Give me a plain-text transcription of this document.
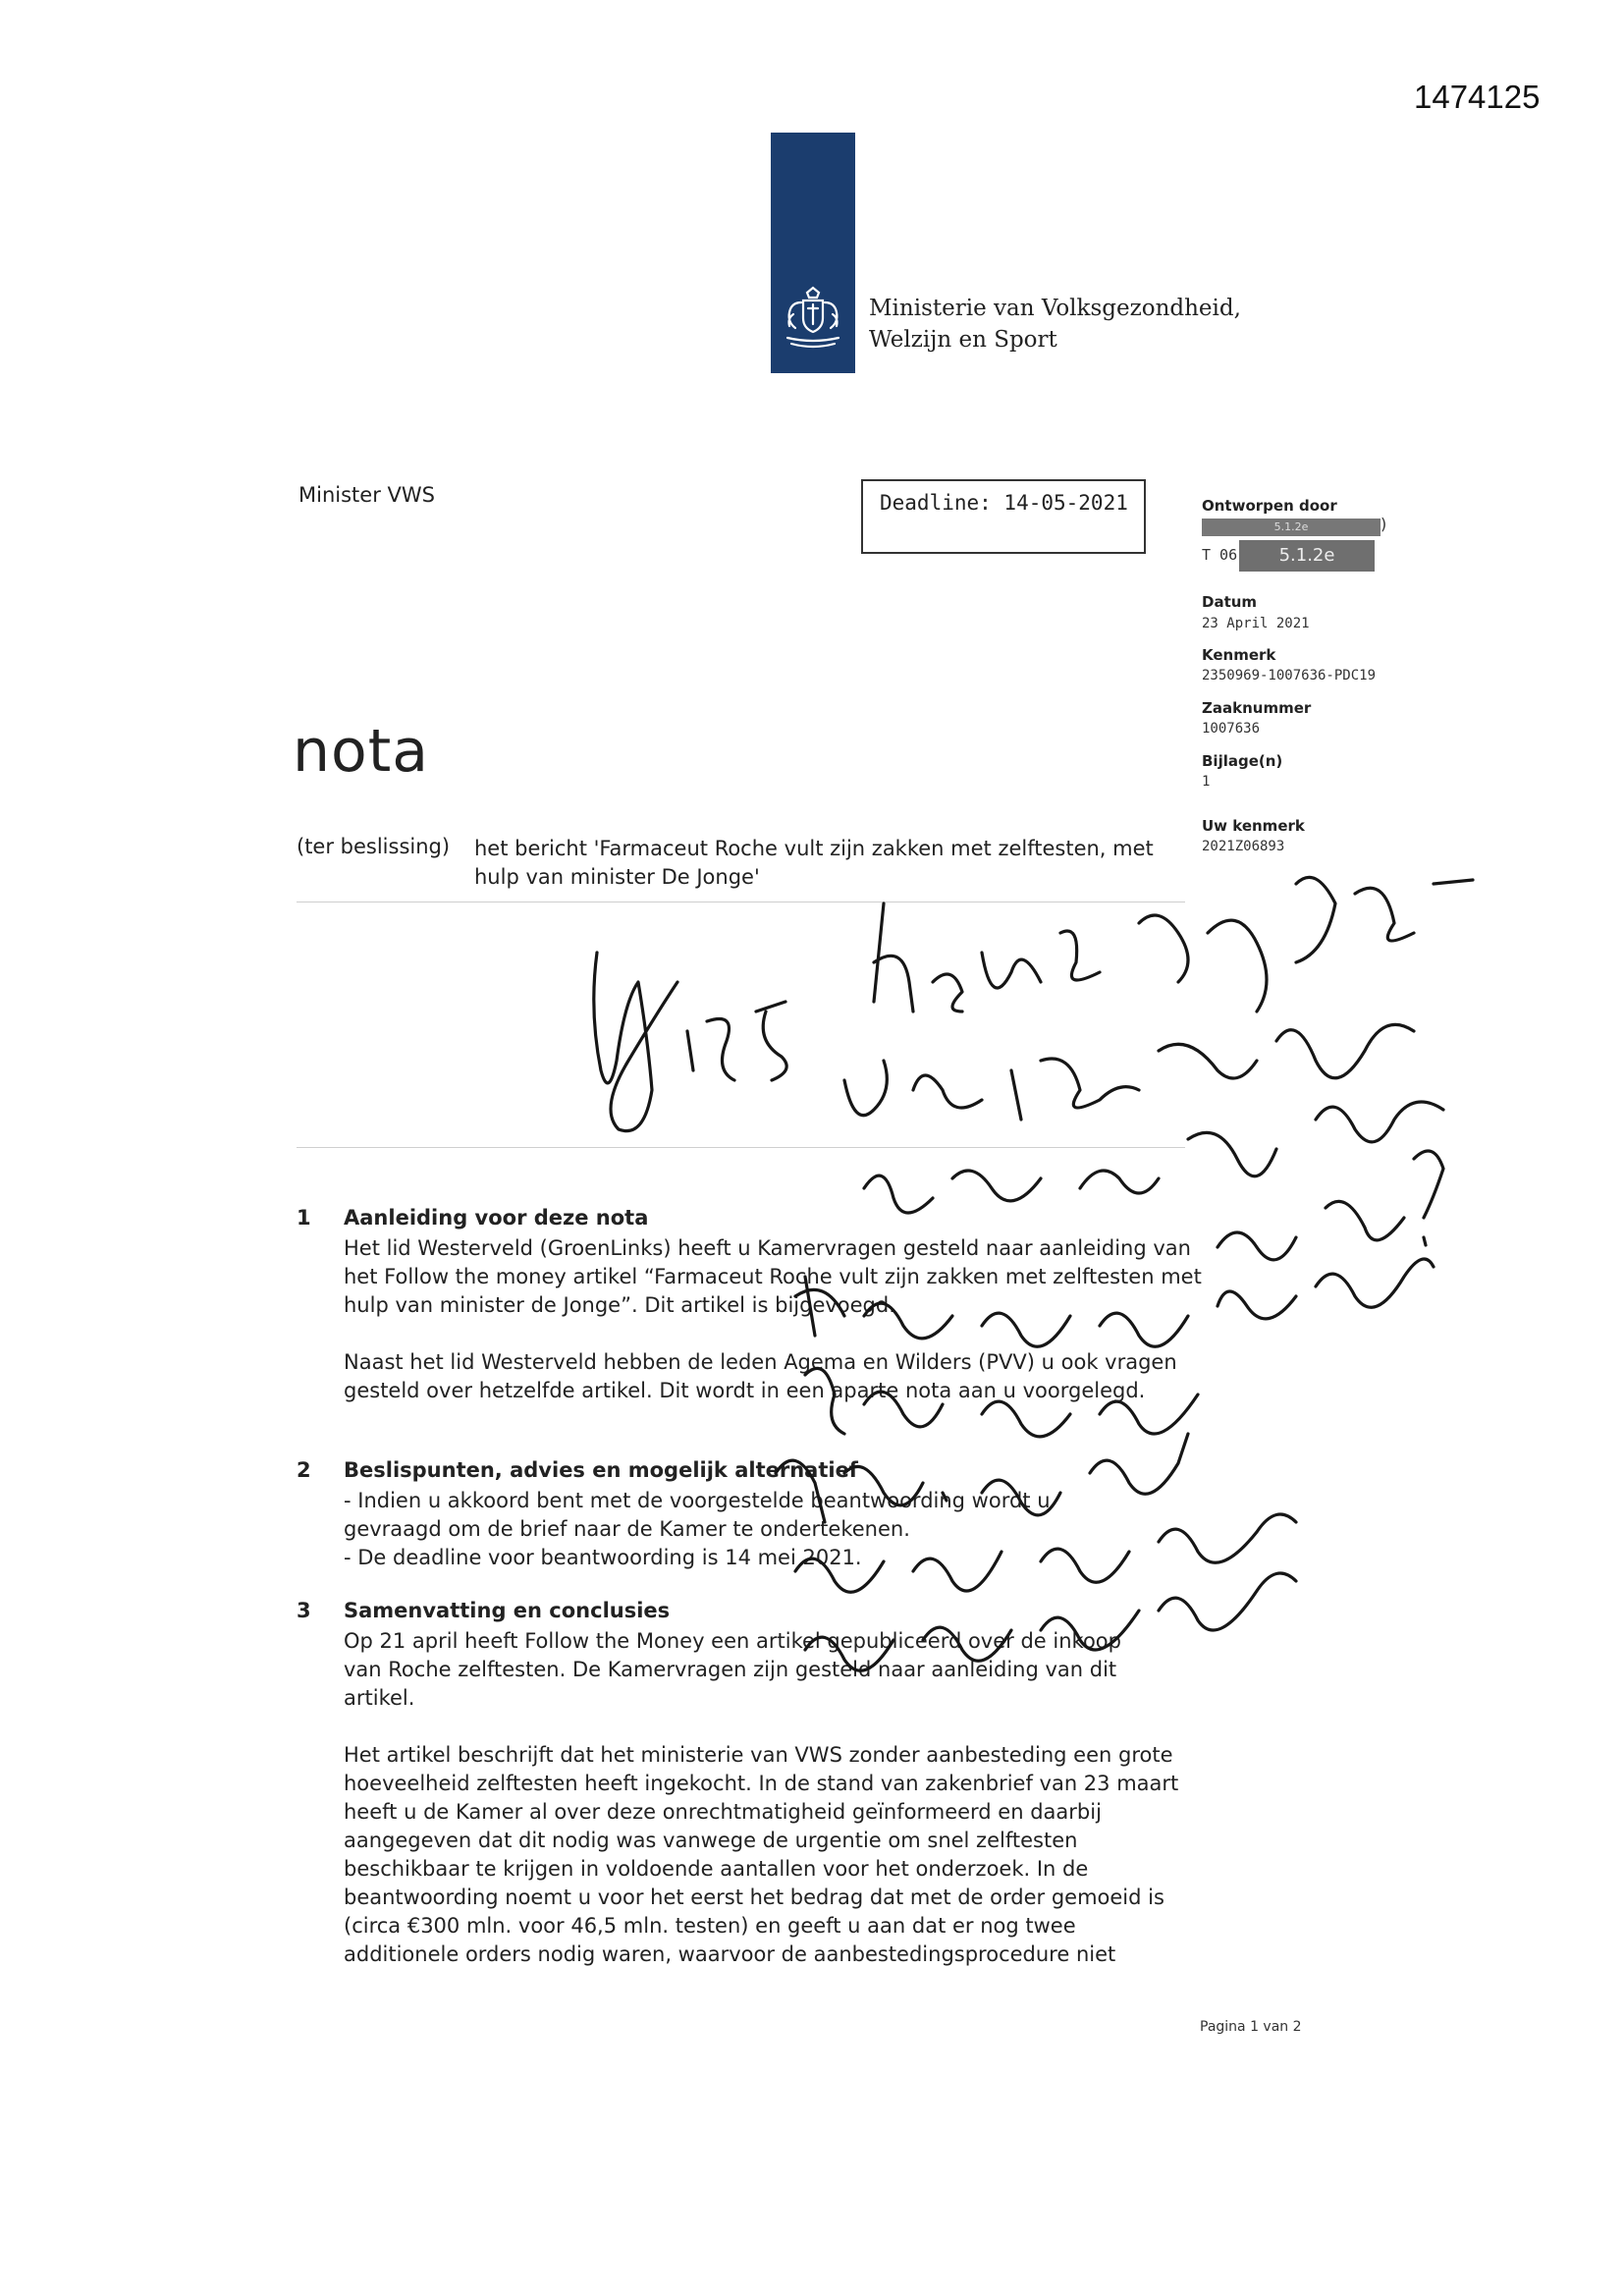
1474125
Ministerie van Volksgezondheid,
Welzijn en Sport
Minister VWS	Deadline: 14-05-2021	Ontworpen door
5.1.2e	)
T 06	5.1.2e
Datum
23 April 2021
Kenmerk
2350969-1007636-PDC19
Zaaknummer
1007636
Bijlage(n)
1
Uw kenmerk
2021Z06893
nota
(ter beslissing) het bericht 'Farmaceut Roche vult zijn zakken met zelftesten, met hulp van minister De Jonge'
1 Aanleiding voor deze nota

Het lid Westerveld (GroenLinks) heeft u Kamervragen gesteld naar aanleiding van het Follow the money artikel “Farmaceut Roche vult zijn zakken met zelftesten met hulp van minister de Jonge”. Dit artikel is bijgevoegd.

Naast het lid Westerveld hebben de leden Agema en Wilders (PVV) u ook vragen gesteld over hetzelfde artikel. Dit wordt in een aparte nota aan u voorgelegd.

2 Beslispunten, advies en mogelijk alternatief

- Indien u akkoord bent met de voorgestelde beantwoording wordt u gevraagd om de brief naar de Kamer te ondertekenen.

- De deadline voor beantwoording is 14 mei 2021.

3 Samenvatting en conclusies

Op 21 april heeft Follow the Money een artikel gepubliceerd over de inkoop van Roche zelftesten. De Kamervragen zijn gesteld naar aanleiding van dit artikel.

Het artikel beschrijft dat het ministerie van VWS zonder aanbesteding een grote hoeveelheid zelftesten heeft ingekocht. In de stand van zakenbrief van 23 maart heeft u de Kamer al over deze onrechtmatigheid geïnformeerd en daarbij aangegeven dat dit nodig was vanwege de urgentie om snel zelftesten beschikbaar te krijgen in voldoende aantallen voor het onderzoek. In de beantwoording noemt u voor het eerst het bedrag dat met de order gemoeid is (circa €300 mln. voor 46,5 mln. testen) en geeft u aan dat er nog twee additionele orders nodig waren, waarvoor de aanbestedingsprocedure niet

Pagina 1 van 2
